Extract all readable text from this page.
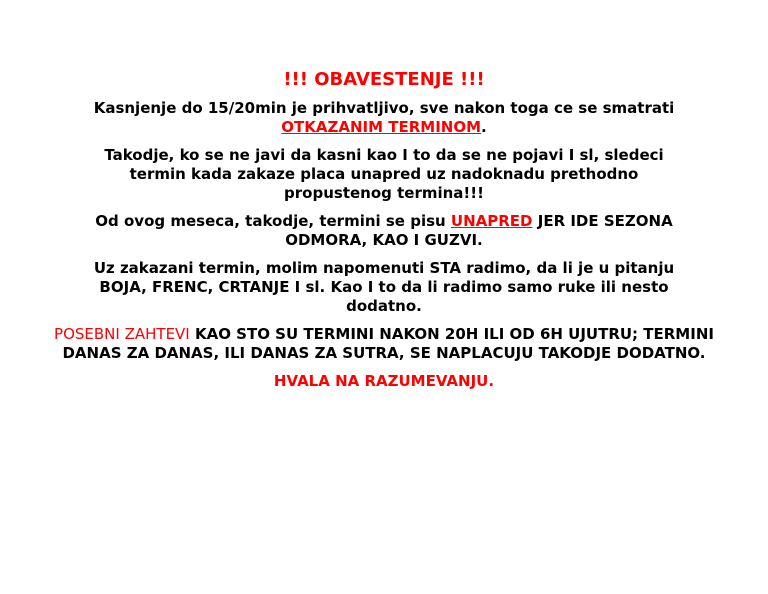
!!! OBAVESTENJE !!!
Kasnjenje do 15/20min je prihvatljivo, sve nakon toga ce se smatrati
OTKAZANIM TERMINOM.
Takodje, ko se ne javi da kasni kao I to da se ne pojavi I sl, sledeci termin kada zakaze placa unapred uz nadoknadu prethodno propustenog termina!!!
Od ovog meseca, takodje, termini se pisu UNAPRED JER IDE SEZONA ODMORA, KAO I GUZVI.
Uz zakazani termin, molim napomenuti STA radimo, da li je u pitanju BOJA, FRENC, CRTANJE I sl. Kao I to da li radimo samo ruke ili nesto dodatno.
POSEBNI ZAHTEVI KAO STO SU TERMINI NAKON 20H ILI OD 6H UJUTRU; TERMINI DANAS ZA DANAS, ILI DANAS ZA SUTRA, SE NAPLACUJU TAKODJE DODATNO.
HVALA NA RAZUMEVANJU.
